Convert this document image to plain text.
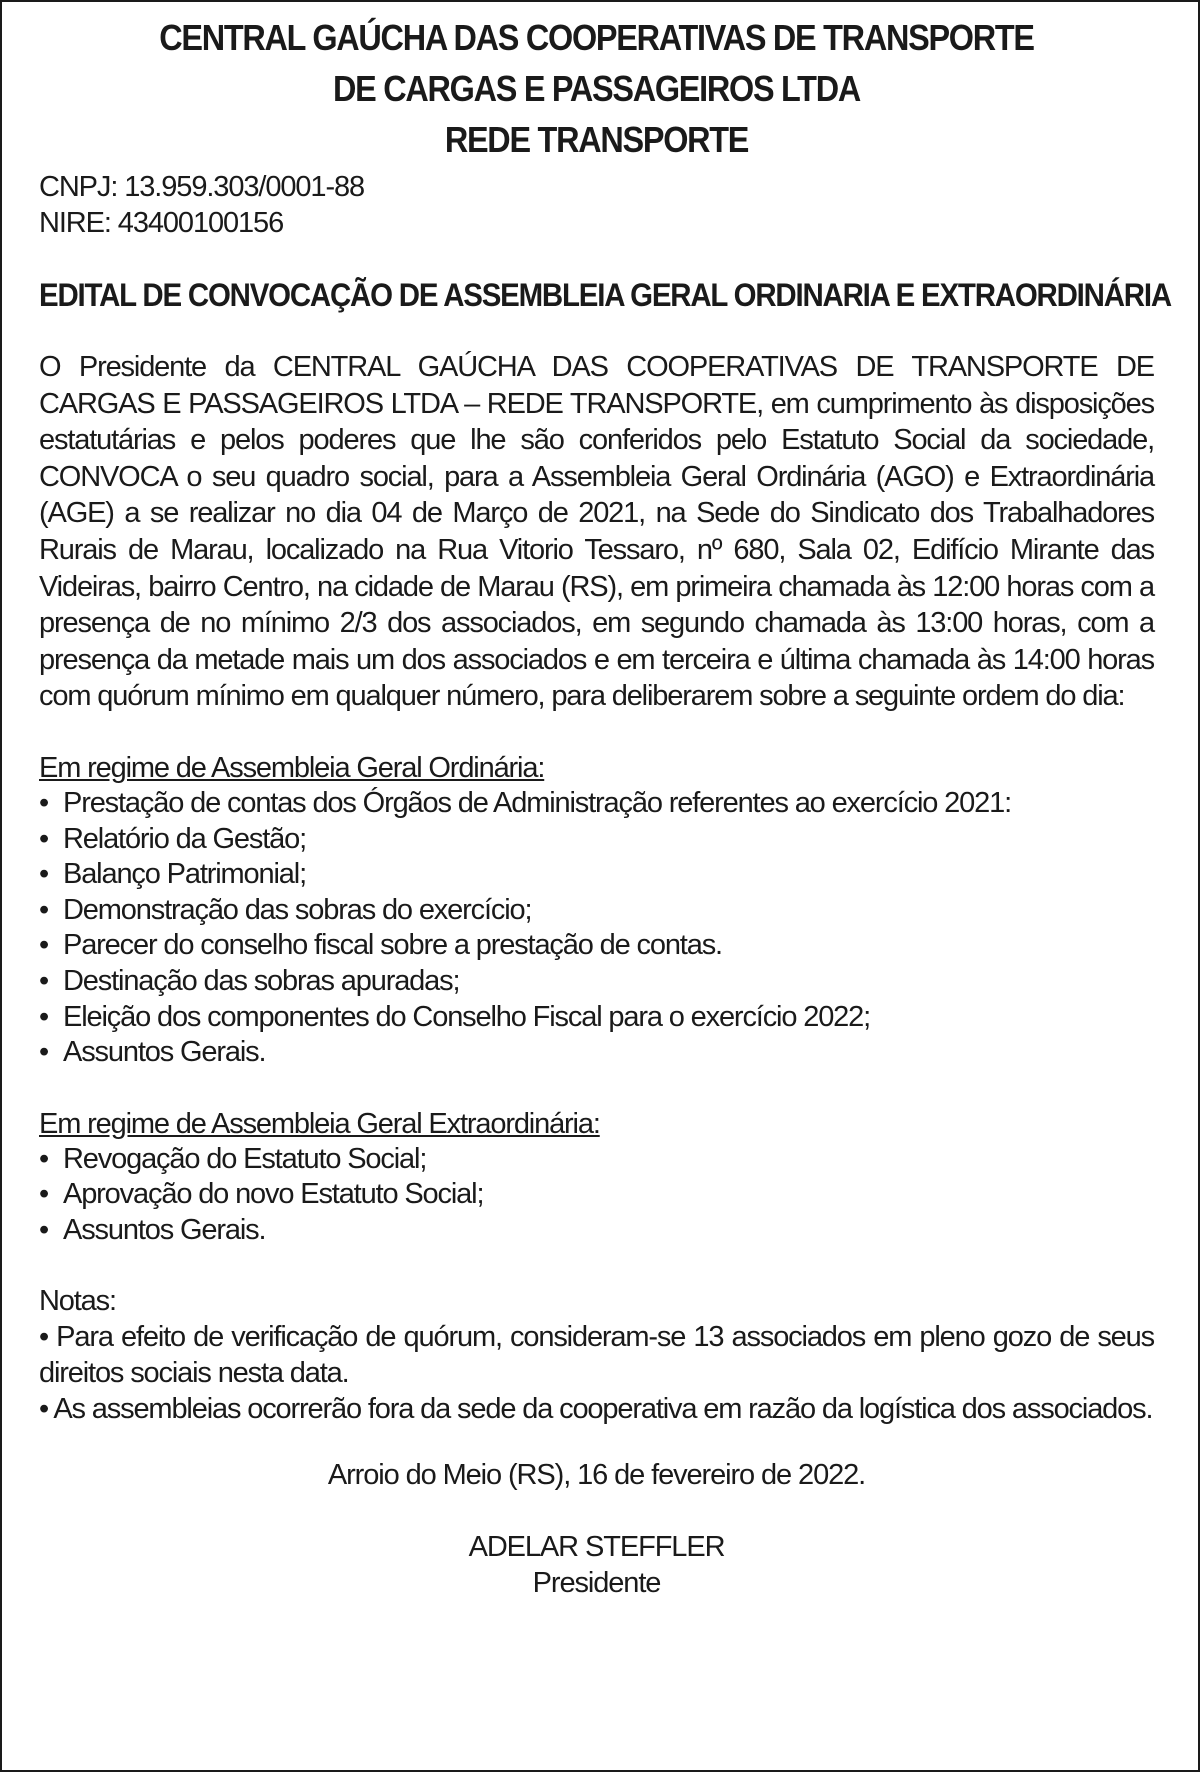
CENTRAL GAÚCHA DAS COOPERATIVAS DE TRANSPORTE
DE CARGAS E PASSAGEIROS LTDA
REDE TRANSPORTE
CNPJ: 13.959.303/0001-88
NIRE: 43400100156
EDITAL DE CONVOCAÇÃO DE ASSEMBLEIA GERAL ORDINARIA E EXTRAORDINÁRIA

O Presidente da CENTRAL GAÚCHA DAS COOPERATIVAS DE TRANSPORTE DE CARGAS E PASSAGEIROS LTDA – REDE TRANSPORTE, em cumprimento às disposições estatutárias e pelos poderes que lhe são conferidos pelo Estatuto Social da sociedade, CONVOCA o seu quadro social, para a Assembleia Geral Ordinária (AGO) e Extraordinária (AGE) a se realizar no dia 04 de Março de 2021, na Sede do Sindicato dos Trabalhadores Rurais de Marau, localizado na Rua Vitorio Tessaro, nº 680, Sala 02, Edifício Mirante das Videiras, bairro Centro, na cidade de Marau (RS), em primeira chamada às 12:00 horas com a presença de no mínimo 2/3 dos associados, em segundo chamada às 13:00 horas, com a presença da metade mais um dos associados e em terceira e última chamada às 14:00 horas com quórum mínimo em qualquer número, para deliberarem sobre a seguinte ordem do dia:

Em regime de Assembleia Geral Ordinária:
• Prestação de contas dos Órgãos de Administração referentes ao exercício 2021:
• Relatório da Gestão;
• Balanço Patrimonial;
• Demonstração das sobras do exercício;
• Parecer do conselho fiscal sobre a prestação de contas.
• Destinação das sobras apuradas;
• Eleição dos componentes do Conselho Fiscal para o exercício 2022;
• Assuntos Gerais.
Em regime de Assembleia Geral Extraordinária:
• Revogação do Estatuto Social;
• Aprovação do novo Estatuto Social;
• Assuntos Gerais.
Notas:
• Para efeito de verificação de quórum, consideram-se 13 associados em pleno gozo de seus direitos sociais nesta data.
• As assembleias ocorrerão fora da sede da cooperativa em razão da logística dos associados.
Arroio do Meio (RS), 16 de fevereiro de 2022.
ADELAR STEFFLER
Presidente
